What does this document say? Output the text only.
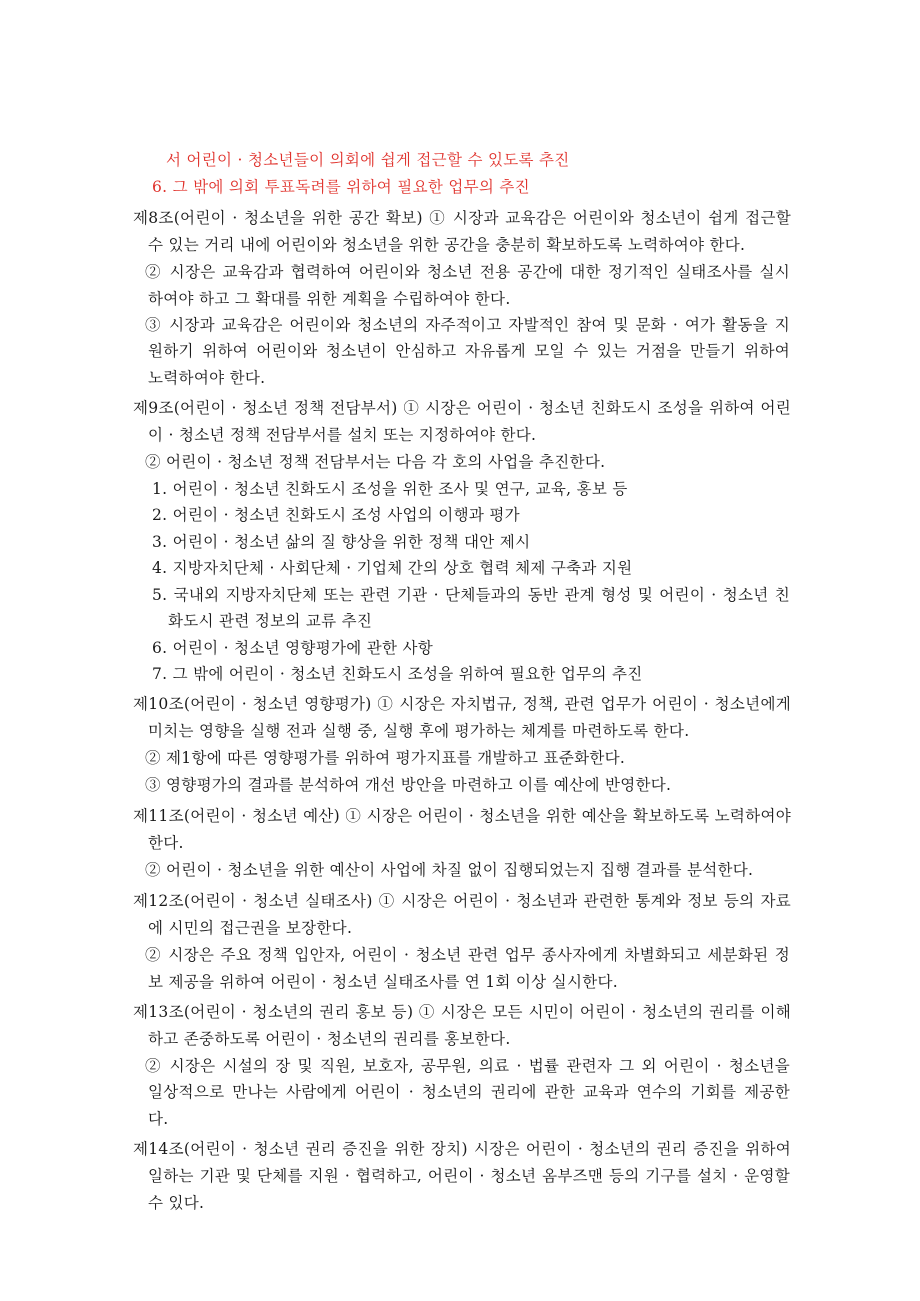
서 어린이 · 청소년들이 의회에 쉽게 접근할 수 있도록 추진
6. 그 밖에 의회 투표독려를 위하여 필요한 업무의 추진
제8조(어린이 · 청소년을 위한 공간 확보) ① 시장과 교육감은 어린이와 청소년이 쉽게 접근할
수 있는 거리 내에 어린이와 청소년을 위한 공간을 충분히 확보하도록 노력하여야 한다.
② 시장은 교육감과 협력하여 어린이와 청소년 전용 공간에 대한 정기적인 실태조사를 실시
하여야 하고 그 확대를 위한 계획을 수립하여야 한다.
③ 시장과 교육감은 어린이와 청소년의 자주적이고 자발적인 참여 및 문화 · 여가 활동을 지
원하기 위하여 어린이와 청소년이 안심하고 자유롭게 모일 수 있는 거점을 만들기 위하여
노력하여야 한다.
제9조(어린이 · 청소년 정책 전담부서) ① 시장은 어린이 · 청소년 친화도시 조성을 위하여 어린
이 · 청소년 정책 전담부서를 설치 또는 지정하여야 한다.
② 어린이 · 청소년 정책 전담부서는 다음 각 호의 사업을 추진한다.
1. 어린이 · 청소년 친화도시 조성을 위한 조사 및 연구, 교육, 홍보 등
2. 어린이 · 청소년 친화도시 조성 사업의 이행과 평가
3. 어린이 · 청소년 삶의 질 향상을 위한 정책 대안 제시
4. 지방자치단체 · 사회단체 · 기업체 간의 상호 협력 체제 구축과 지원
5. 국내외 지방자치단체 또는 관련 기관 · 단체들과의 동반 관계 형성 및 어린이 · 청소년 친
화도시 관련 정보의 교류 추진
6. 어린이 · 청소년 영향평가에 관한 사항
7. 그 밖에 어린이 · 청소년 친화도시 조성을 위하여 필요한 업무의 추진
제10조(어린이 · 청소년 영향평가) ① 시장은 자치법규, 정책, 관련 업무가 어린이 · 청소년에게
미치는 영향을 실행 전과 실행 중, 실행 후에 평가하는 체계를 마련하도록 한다.
② 제1항에 따른 영향평가를 위하여 평가지표를 개발하고 표준화한다.
③ 영향평가의 결과를 분석하여 개선 방안을 마련하고 이를 예산에 반영한다.
제11조(어린이 · 청소년 예산) ① 시장은 어린이 · 청소년을 위한 예산을 확보하도록 노력하여야
한다.
② 어린이 · 청소년을 위한 예산이 사업에 차질 없이 집행되었는지 집행 결과를 분석한다.
제12조(어린이 · 청소년 실태조사) ① 시장은 어린이 · 청소년과 관련한 통계와 정보 등의 자료
에 시민의 접근권을 보장한다.
② 시장은 주요 정책 입안자, 어린이 · 청소년 관련 업무 종사자에게 차별화되고 세분화된 정
보 제공을 위하여 어린이 · 청소년 실태조사를 연 1회 이상 실시한다.
제13조(어린이 · 청소년의 권리 홍보 등) ① 시장은 모든 시민이 어린이 · 청소년의 권리를 이해
하고 존중하도록 어린이 · 청소년의 권리를 홍보한다.
② 시장은 시설의 장 및 직원, 보호자, 공무원, 의료 · 법률 관련자 그 외 어린이 · 청소년을
일상적으로 만나는 사람에게 어린이 · 청소년의 권리에 관한 교육과 연수의 기회를 제공한
다.
제14조(어린이 · 청소년 권리 증진을 위한 장치) 시장은 어린이 · 청소년의 권리 증진을 위하여
일하는 기관 및 단체를 지원 · 협력하고, 어린이 · 청소년 옴부즈맨 등의 기구를 설치 · 운영할
수 있다.
